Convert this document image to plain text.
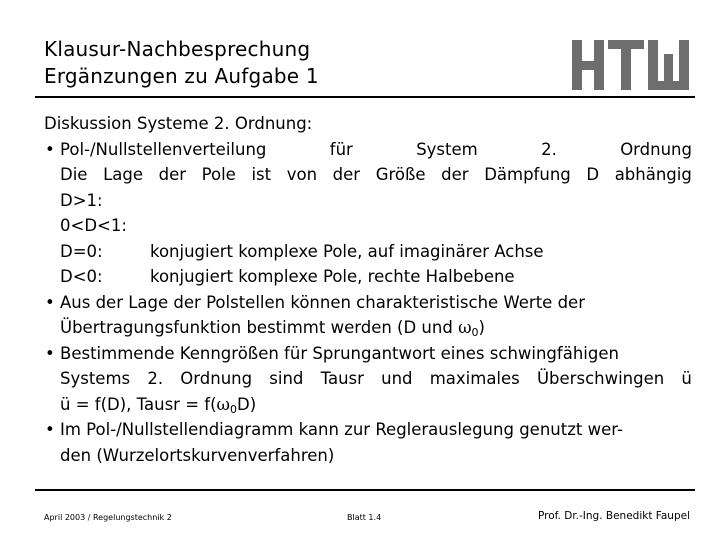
Klausur-Nachbesprechung
Ergänzungen zu Aufgabe 1
Diskussion Systeme 2. Ordnung:
• Pol-/Nullstellenverteilung	für	System	2.	Ordnung
Die Lage der Pole ist von der Größe der Dämpfung D abhängig
D>1:
0<D<1:
D=0:	konjugiert komplexe Pole, auf imaginärer Achse
D<0:	konjugiert komplexe Pole, rechte Halbebene
• Aus der Lage der Polstellen können charakteristische Werte der
Übertragungsfunktion bestimmt werden (D und ω0)
• Bestimmende Kenngrößen für Sprungantwort eines schwingfähigen
Systems 2. Ordnung sind Tausr und maximales Überschwingen ü
ü = f(D), Tausr = f(ω0D)
• Im Pol-/Nullstellendiagramm kann zur Reglerauslegung genutzt wer-
den (Wurzelortskurvenverfahren)
April 2003 / Regelungstechnik 2	Blatt 1.4	Prof. Dr.-Ing. Benedikt Faupel
